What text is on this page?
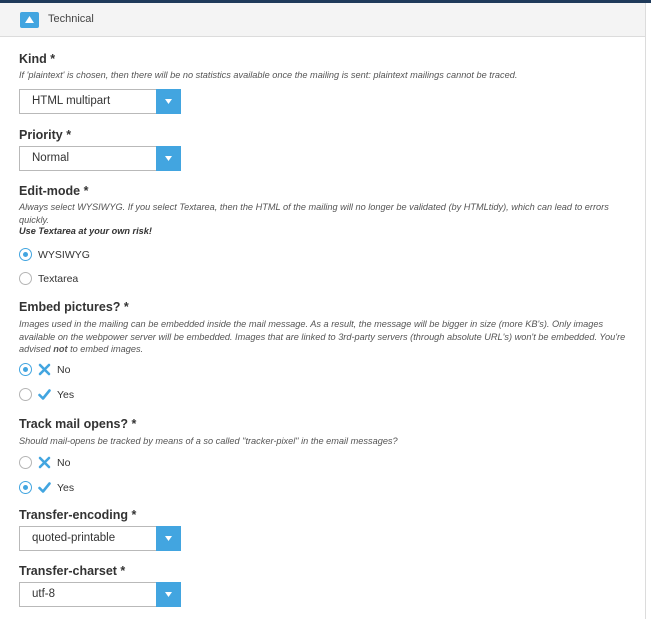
Technical
Kind *
If 'plaintext' is chosen, then there will be no statistics available once the mailing is sent: plaintext mailings cannot be traced.
HTML multipart
Priority *
Normal
Edit-mode *
Always select WYSIWYG. If you select Textarea, then the HTML of the mailing will no longer be validated (by HTMLtidy), which can lead to errors quickly.
Use Textarea at your own risk!
WYSIWYG
Textarea
Embed pictures? *
Images used in the mailing can be embedded inside the mail message. As a result, the message will be bigger in size (more KB's). Only images available on the webpower server will be embedded. Images that are linked to 3rd-party servers (through absolute URL's) won't be embedded. You're advised not to embed images.
No
Yes
Track mail opens? *
Should mail-opens be tracked by means of a so called "tracker-pixel" in the email messages?
No
Yes
Transfer-encoding *
quoted-printable
Transfer-charset *
utf-8
